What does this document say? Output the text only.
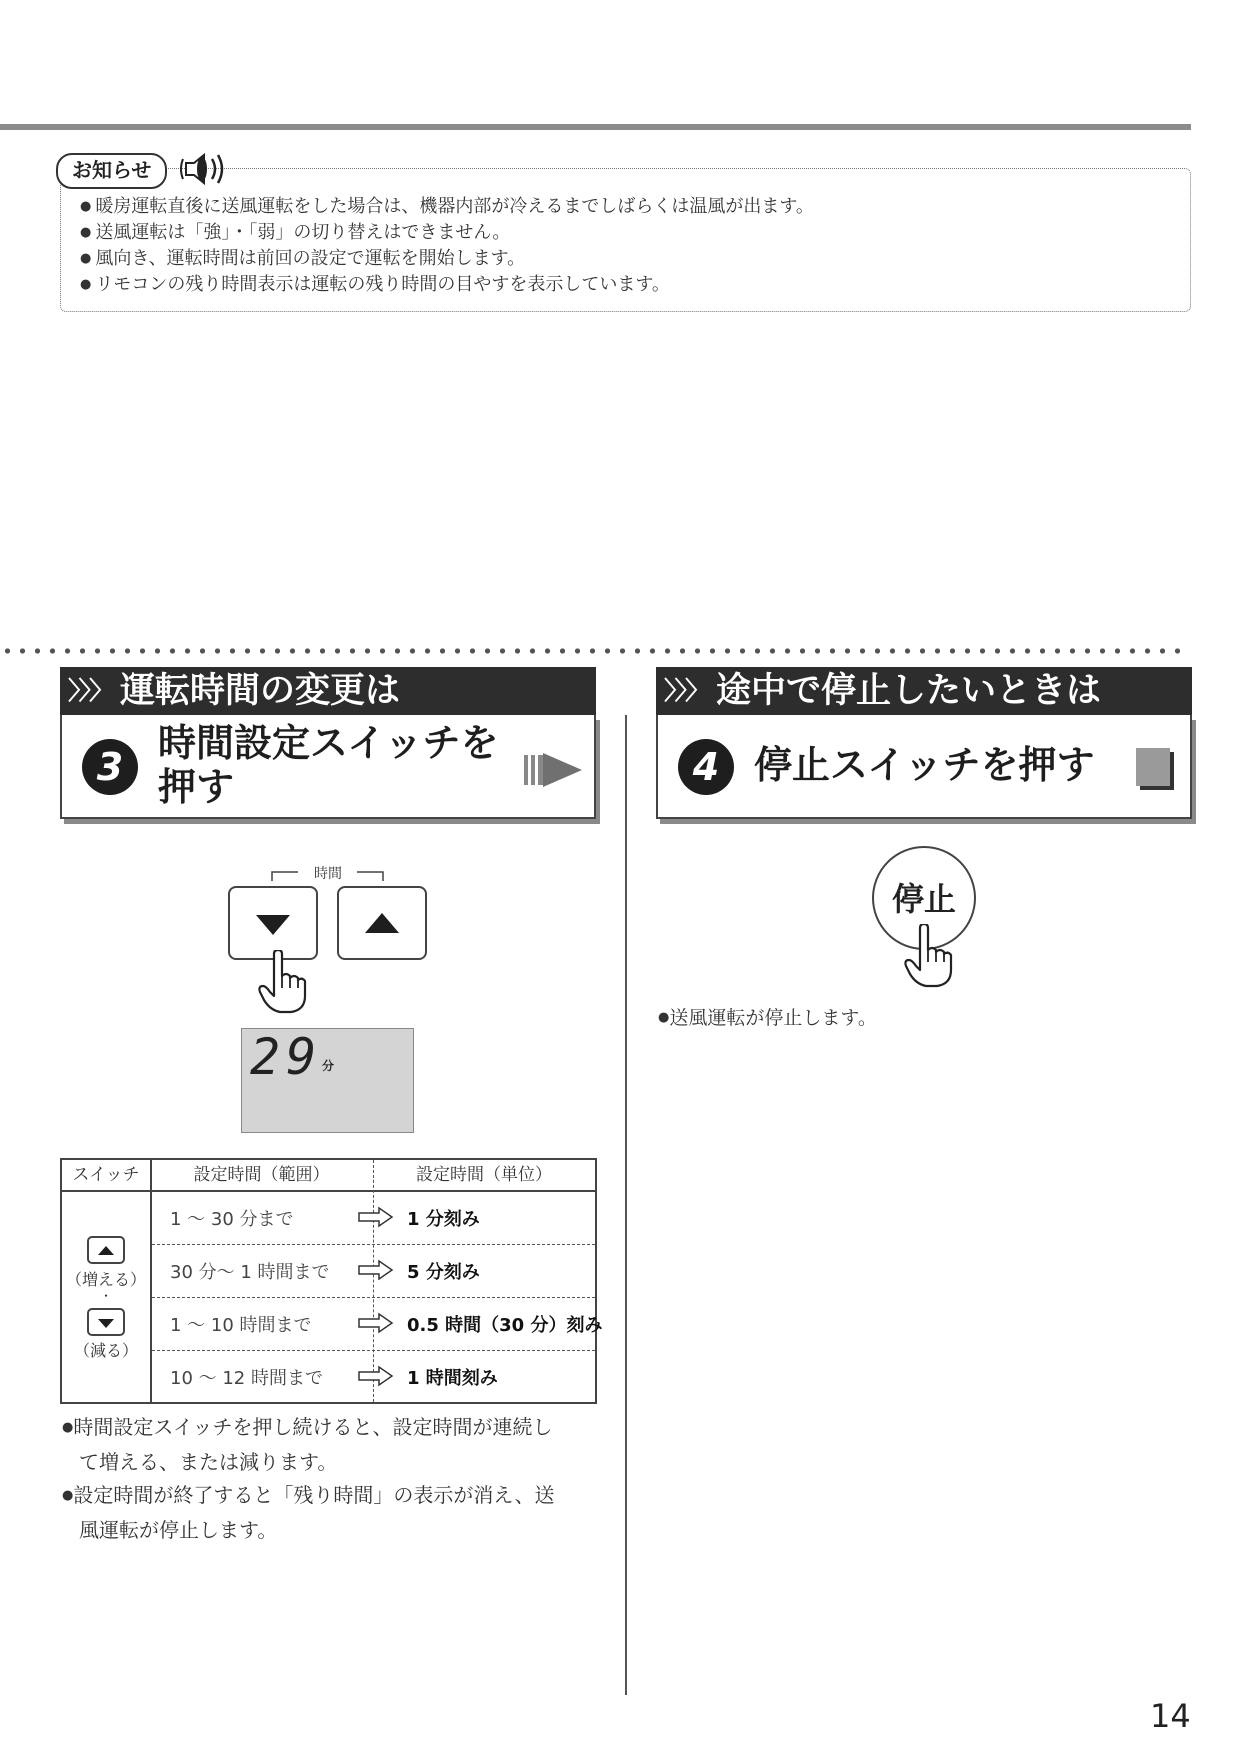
お知らせ
● 暖房運転直後に送風運転をした場合は、機器内部が冷えるまでしばらくは温風が出ます。
● 送風運転は「強」・「弱」の切り替えはできません。
● 風向き、運転時間は前回の設定で運転を開始します。
● リモコンの残り時間表示は運転の残り時間の目やすを表示しています。
〉〉〉 運転時間の変更は
3
時間設定スイッチを
押す
時間
29 分
スイッチ	設定時間（範囲）	設定時間（単位）
（増える）
・
（減る）
1 ～ 30 分まで
30 分～ 1 時間まで
1 ～ 10 時間まで
10 ～ 12 時間まで
1 分刻み
5 分刻み
0.5 時間（30 分）刻み
1 時間刻み
●時間設定スイッチを押し続けると、設定時間が連続し
て増える、または減ります。
●設定時間が終了すると「残り時間」の表示が消え、送
風運転が停止します。
〉〉〉 途中で停止したいときは
4 停止スイッチを押す
停止
●送風運転が停止します。
14
